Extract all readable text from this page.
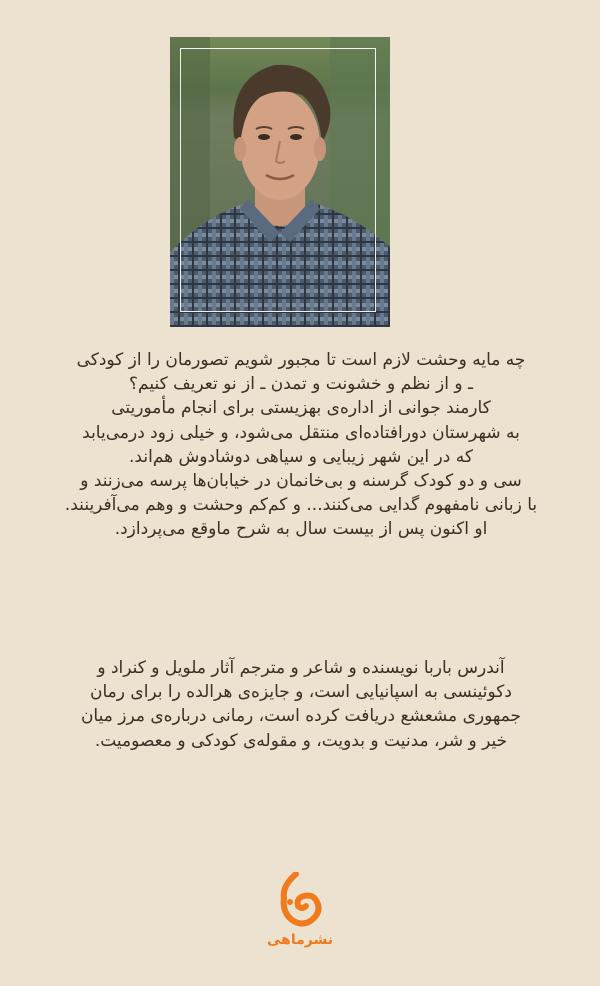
چه مایه وحشت لازم است تا مجبور شویم تصورمان را از کودکی
ـ و از نظم و خشونت و تمدن ـ از نو تعریف کنیم؟
کارمند جوانی از اداره‌ی بهزیستی برای انجام مأموریتی
به شهرستان دورافتاده‌ای منتقل می‌شود، و خیلی زود درمی‌یابد
که در این شهر زیبایی و سیاهی دوشادوش هم‌اند.
سی و دو کودک گرسنه و بی‌خانمان در خیابان‌ها پرسه می‌زنند و
با زبانی نامفهوم گدایی می‌کنند... و کم‌کم وحشت و وهم می‌آفرینند.
او اکنون پس از بیست سال به شرح ماوقع می‌پردازد.
آندرس باربا نویسنده و شاعر و مترجم آثار ملویل و کنراد و
دکوئینسی به اسپانیایی است، و جایزه‌ی هرالده را برای رمان
جمهوری مشعشع دریافت کرده است، رمانی درباره‌ی مرز میان
خیر و شر، مدنیت و بدویت، و مقوله‌ی کودکی و معصومیت.
نشرماهی
